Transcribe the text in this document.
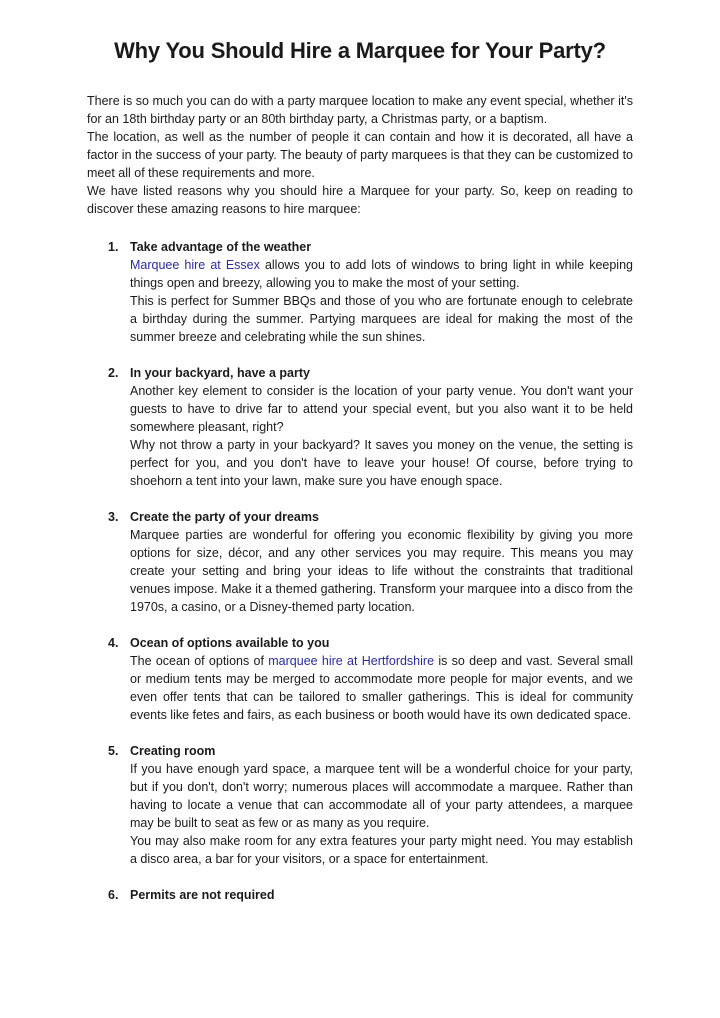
Why You Should Hire a Marquee for Your Party?

There is so much you can do with a party marquee location to make any event special, whether it's for an 18th birthday party or an 80th birthday party, a Christmas party, or a baptism.

The location, as well as the number of people it can contain and how it is decorated, all have a factor in the success of your party. The beauty of party marquees is that they can be customized to meet all of these requirements and more.

We have listed reasons why you should hire a Marquee for your party. So, keep on reading to discover these amazing reasons to hire marquee:

1. Take advantage of the weather

Marquee hire at Essex allows you to add lots of windows to bring light in while keeping things open and breezy, allowing you to make the most of your setting.

This is perfect for Summer BBQs and those of you who are fortunate enough to celebrate a birthday during the summer. Partying marquees are ideal for making the most of the summer breeze and celebrating while the sun shines.

2. In your backyard, have a party

Another key element to consider is the location of your party venue. You don't want your guests to have to drive far to attend your special event, but you also want it to be held somewhere pleasant, right?

Why not throw a party in your backyard? It saves you money on the venue, the setting is perfect for you, and you don't have to leave your house! Of course, before trying to shoehorn a tent into your lawn, make sure you have enough space.

3. Create the party of your dreams

Marquee parties are wonderful for offering you economic flexibility by giving you more options for size, décor, and any other services you may require. This means you may create your setting and bring your ideas to life without the constraints that traditional venues impose. Make it a themed gathering. Transform your marquee into a disco from the 1970s, a casino, or a Disney-themed party location.

4. Ocean of options available to you

The ocean of options of marquee hire at Hertfordshire is so deep and vast. Several small or medium tents may be merged to accommodate more people for major events, and we even offer tents that can be tailored to smaller gatherings. This is ideal for community events like fetes and fairs, as each business or booth would have its own dedicated space.

5. Creating room

If you have enough yard space, a marquee tent will be a wonderful choice for your party, but if you don't, don't worry; numerous places will accommodate a marquee. Rather than having to locate a venue that can accommodate all of your party attendees, a marquee may be built to seat as few or as many as you require.

You may also make room for any extra features your party might need. You may establish a disco area, a bar for your visitors, or a space for entertainment.

6. Permits are not required
